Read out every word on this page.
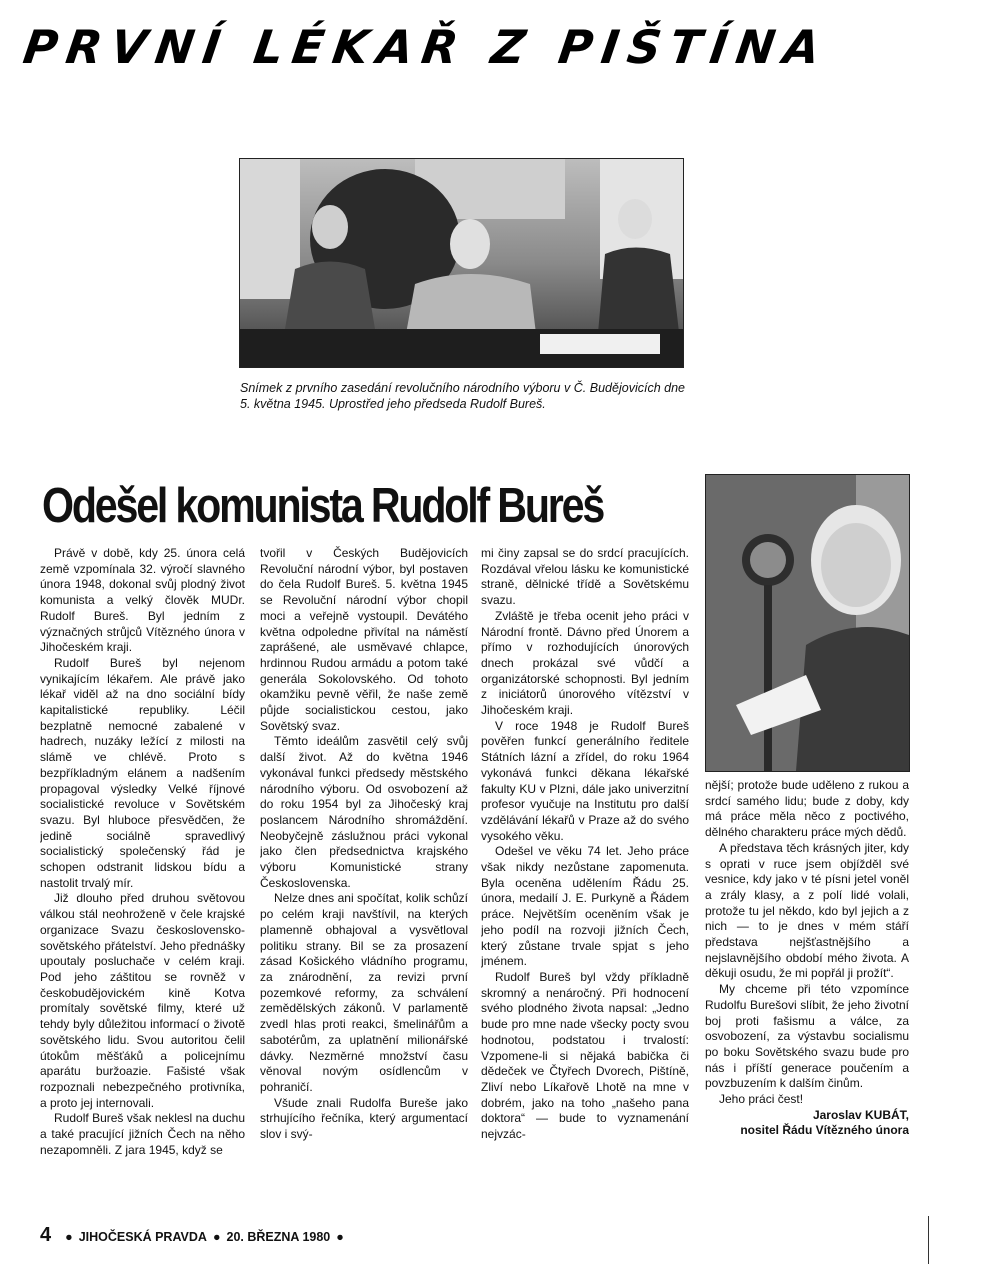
PRVNÍ LÉKAŘ Z PIŠTÍNA
Snímek z prvního zasedání revolučního národního výboru v Č. Budějovicích dne 5. května 1945. Uprostřed jeho předseda Rudolf Bureš.
Odešel komunista Rudolf Bureš

Právě v době, kdy 25. února celá země vzpomínala 32. výročí slavného února 1948, dokonal svůj plodný život komunista a velký člověk MUDr. Rudolf Bureš. Byl jedním z význačných strůjců Vítězného února v Jihočeském kraji.

Rudolf Bureš byl nejenom vynikajícím lékařem. Ale právě jako lékař viděl až na dno sociální bídy kapitalistické republiky. Léčil bezplatně nemocné zabalené v hadrech, nuzáky ležící z milosti na slámě ve chlévě. Proto s bezpříkladným elánem a nadšením propagoval výsledky Velké říjnové socialistické revoluce v Sovětském svazu. Byl hluboce přesvědčen, že jedině sociálně spravedlivý socialistický společenský řád je schopen odstranit lidskou bídu a nastolit trvalý mír.

Již dlouho před druhou světovou válkou stál neohroženě v čele krajské organizace Svazu československo-sovětského přátelství. Jeho přednášky upoutaly posluchače v celém kraji. Pod jeho záštitou se rovněž v českobudějovickém kině Kotva promítaly sovětské filmy, které už tehdy byly důležitou informací o životě sovětského lidu. Svou autoritou čelil útokům měšťáků a policejnímu aparátu buržoazie. Fašisté však rozpoznali nebezpečného protivníka, a proto jej internovali.

Rudolf Bureš však neklesl na duchu a také pracující jižních Čech na něho nezapomněli. Z jara 1945, když se

tvořil v Českých Budějovicích Revoluční národní výbor, byl postaven do čela Rudolf Bureš. 5. května 1945 se Revoluční národní výbor chopil moci a veřejně vystoupil. Devátého května odpoledne přivítal na náměstí zaprášené, ale usměvavé chlapce, hrdinnou Rudou armádu a potom také generála Sokolovského. Od tohoto okamžiku pevně věřil, že naše země půjde socialistickou cestou, jako Sovětský svaz.

Těmto ideálům zasvětil celý svůj další život. Až do května 1946 vykonával funkci předsedy městského národního výboru. Od osvobození až do roku 1954 byl za Jihočeský kraj poslancem Národního shromáždění. Neobyčejně záslužnou práci vykonal jako člen předsednictva krajského výboru Komunistické strany Československa.

Nelze dnes ani spočítat, kolik schůzí po celém kraji navštívil, na kterých plamenně obhajoval a vysvětloval politiku strany. Bil se za prosazení zásad Košického vládního programu, za znárodnění, za revizi první pozemkové reformy, za schválení zemědělských zákonů. V parlamentě zvedl hlas proti reakci, šmelinářům a sabotérům, za uplatnění milionářské dávky. Nezměrné množství času věnoval novým osídlencům v pohraničí.

Všude znali Rudolfa Bureše jako strhujícího řečníka, který argumentací slov i svý-

mi činy zapsal se do srdcí pracujících. Rozdával vřelou lásku ke komunistické straně, dělnické třídě a Sovětskému svazu.

Zvláště je třeba ocenit jeho práci v Národní frontě. Dávno před Únorem a přímo v rozhodujících únorových dnech prokázal své vůdčí a organizátorské schopnosti. Byl jedním z iniciátorů únorového vítězství v Jihočeském kraji.

V roce 1948 je Rudolf Bureš pověřen funkcí generálního ředitele Státních lázní a zřídel, do roku 1964 vykonává funkci děkana lékařské fakulty KU v Plzni, dále jako univerzitní profesor vyučuje na Institutu pro další vzdělávání lékařů v Praze až do svého vysokého věku.

Odešel ve věku 74 let. Jeho práce však nikdy nezůstane zapomenuta. Byla oceněna udělením Řádu 25. února, medailí J. E. Purkyně a Řádem práce. Největším oceněním však je jeho podíl na rozvoji jižních Čech, který zůstane trvale spjat s jeho jménem.

Rudolf Bureš byl vždy příkladně skromný a nenáročný. Při hodnocení svého plodného života napsal: „Jedno bude pro mne nade všecky pocty svou hodnotou, podstatou i trvalostí: Vzpomene-li si nějaká babička či dědeček ve Čtyřech Dvorech, Pištíně, Zliví nebo Líkařově Lhotě na mne v dobrém, jako na toho „našeho pana doktora“ — bude to vyznamenání nejvzác-

nější; protože bude uděleno z rukou a srdcí samého lidu; bude z doby, kdy má práce měla něco z poctivého, dělného charakteru práce mých dědů.

A představa těch krásných jiter, kdy s oprati v ruce jsem objížděl své vesnice, kdy jako v té písni jetel voněl a zrály klasy, a z polí lidé volali, protože tu jel někdo, kdo byl jejich a z nich — to je dnes v mém stáří představa nejšťastnějšího a nejslavnějšího období mého života. A děkuji osudu, že mi popřál ji prožít“.

My chceme při této vzpomínce Rudolfu Burešovi slíbit, že jeho životní boj proti fašismu a válce, za osvobození, za výstavbu socialismu po boku Sovětského svazu bude pro nás i příští generace poučením a povzbuzením k dalším činům.

Jeho práci čest!

Jaroslav KUBÁT,

nositel Řádu Vítězného února

4 ● JIHOČESKÁ PRAVDA ● 20. BŘEZNA 1980 ●
